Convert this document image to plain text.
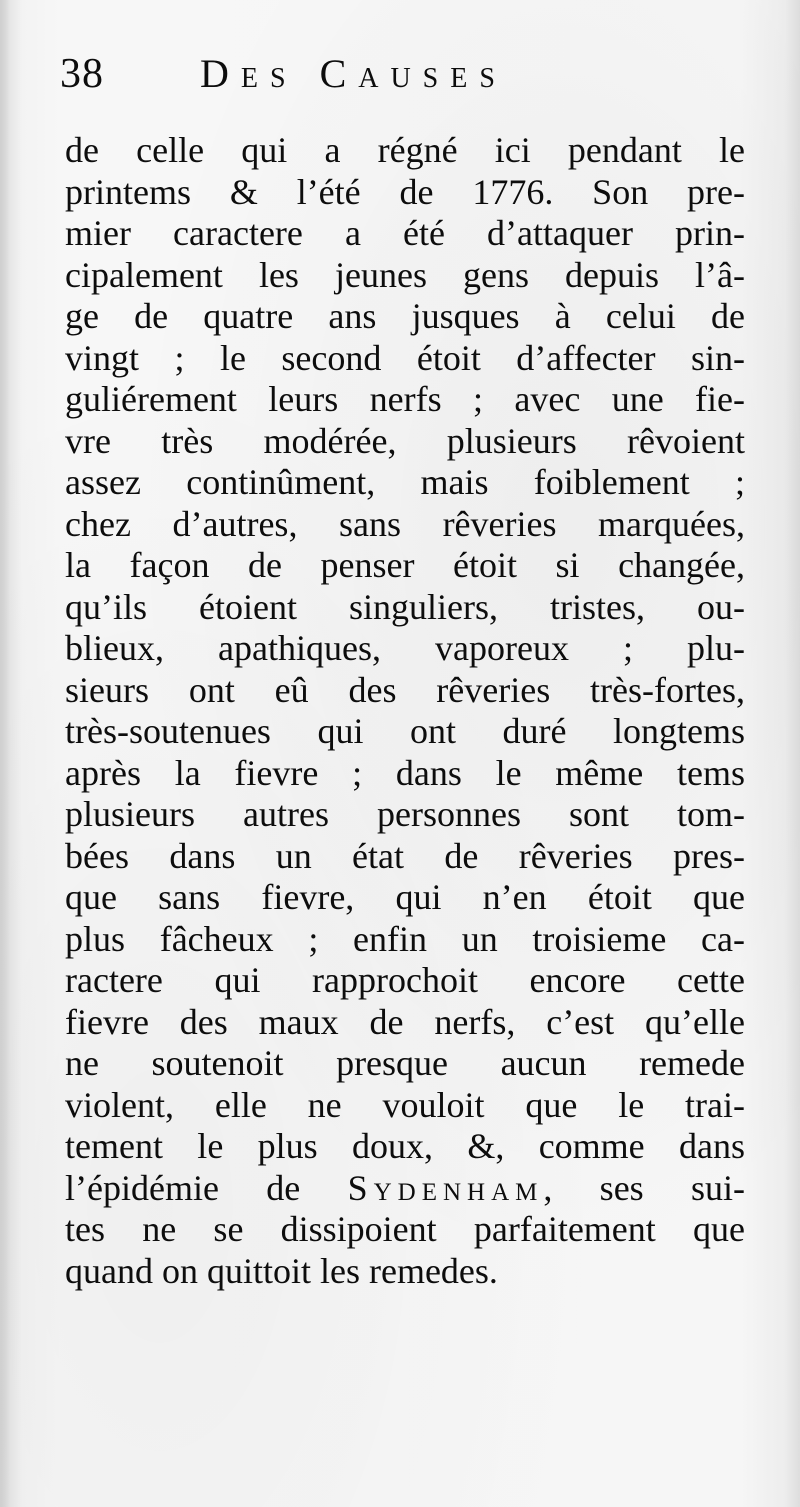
38 Des Causes
de celle qui a régné ici pendant le
printems & l’été de 1776. Son pre-
mier caractere a été d’attaquer prin-
cipalement les jeunes gens depuis l’â-
ge de quatre ans jusques à celui de
vingt ; le second étoit d’affecter sin-
guliérement leurs nerfs ; avec une fie-
vre très modérée, plusieurs rêvoient
assez continûment, mais foiblement ;
chez d’autres, sans rêveries marquées,
la façon de penser étoit si changée,
qu’ils étoient singuliers, tristes, ou-
blieux, apathiques, vaporeux ; plu-
sieurs ont eû des rêveries très-fortes,
très-soutenues qui ont duré longtems
après la fievre ; dans le même tems
plusieurs autres personnes sont tom-
bées dans un état de rêveries pres-
que sans fievre, qui n’en étoit que
plus fâcheux ; enfin un troisieme ca-
ractere qui rapprochoit encore cette
fievre des maux de nerfs, c’est qu’elle
ne soutenoit presque aucun remede
violent, elle ne vouloit que le trai-
tement le plus doux, &, comme dans
l’épidémie de Sydenham, ses sui-
tes ne se dissipoient parfaitement que
quand on quittoit les remedes.
